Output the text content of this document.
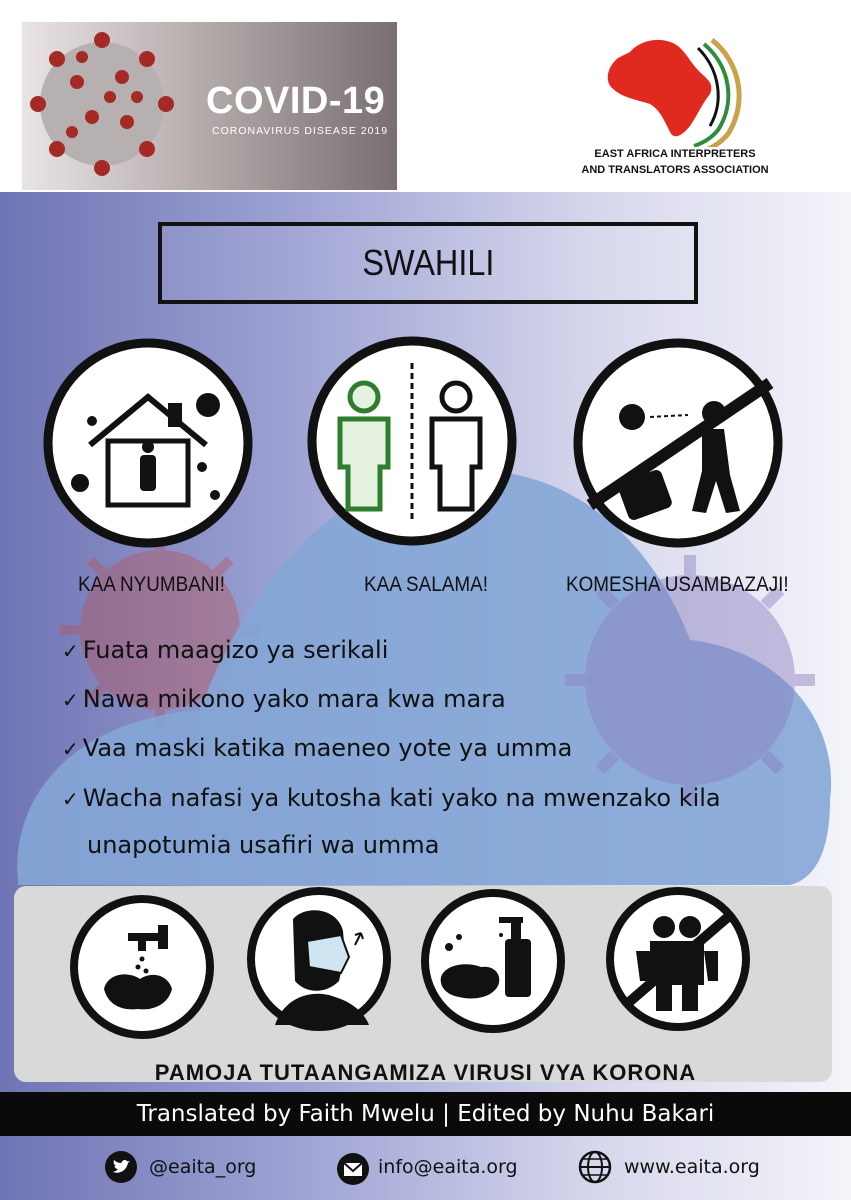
COVID-19
CORONAVIRUS DISEASE 2019
EAST AFRICA INTERPRETERS
AND TRANSLATORS ASSOCIATION
SWAHILI
KAA NYUMBANI!	KAA SALAMA!	KOMESHA USAMBAZAJI!
✓ Fuata maagizo ya serikali
✓ Nawa mikono yako mara kwa mara
✓ Vaa maski katika maeneo yote ya umma
✓ Wacha nafasi ya kutosha kati yako na mwenzako kila
unapotumia usafiri wa umma
PAMOJA TUTAANGAMIZA VIRUSI VYA KORONA
Translated by Faith Mwelu | Edited by Nuhu Bakari
@eaita_org	info@eaita.org	www.eaita.org
